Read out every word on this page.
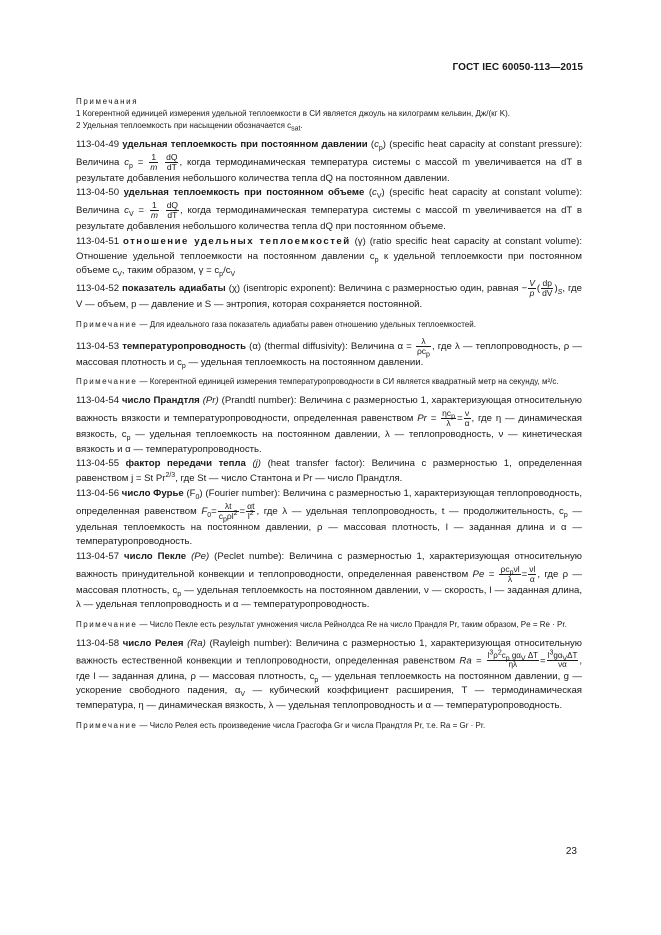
ГОСТ IEC 60050-113—2015

Примечания

1 Когерентной единицей измерения удельной теплоемкости в СИ является джоуль на килограмм кельвин, Дж/(кг K).

2 Удельная теплоемкость при насыщении обозначается $c_{sat}$.

113-04-49 удельная теплоемкость при постоянном давлении $(c_p)$ (specific heat capacity at constant pressure): Величина $c_p = \frac{1}{m}$
$\frac{dQ}{dT}$ , когда термодинамическая температура системы с массой m увеличивается на dT в результате добавления небольшого количества тепла dQ на постоянном давлении.

113-04-50 удельная теплоемкость при постоянном объеме $(c_V)$ (specific heat capacity at constant volume): Величина $c_V = \frac{1}{m}$
$\frac{dQ}{dT}$ , когда термодинамическая температура системы с массой m увеличивается на dT в результате добавления небольшого количества тепла dQ при постоянном объеме.

113-04-51 отношение удельных теплоемкостей (γ) (ratio specific heat capacity at constant volume): Отношение удельной теплоемкости на постоянном давлении $c_p$ к удельной теплоемкости при постоянном объеме $c_V$, таким образом, $\gamma = c_p/c_V$

113-04-52 показатель адиабаты (χ) (isentropic exponent): Величина с размерностью один, равная − $\frac{V}{p}$ ( $\frac{dp}{dV} )_S$, где V — объем, p — давление и S — энтропия, которая сохраняется постоянной.

Примечание — Для идеального газа показатель адиабаты равен отношению удельных теплоемкостей.

113-04-53 температуропроводность (α) (thermal diffusivity): Величина α =
λ
$\rho c_p$
, где λ — теплопроводность, ρ — массовая плотность и $c_p$ — удельная теплоемкость на постоянном давлении.

Примечание — Когерентной единицей измерения температуропроводности в СИ является квадратный метр на секунду, м²/с.

113-04-54 число Прандтля (Pr) (Prandtl number): Величина с размерностью 1, характеризующая относительную важность вязкости и температуропроводности, определенная равенством Pr =
$\eta c_p$
$\lambda = \frac{\nu}{\alpha}$ , где η — динамическая вязкость, $c_p$ — удельная теплоемкость на постоянном давлении, λ — теплопроводность, ν — кинетическая вязкость и α — температуропроводность.

113-04-55 фактор передачи тепла (j) (heat transfer factor): Величина с размерностью 1, определенная равенством j = St $Pr^{2/3}$, где St — число Стантона и Pr — число Прандтля.

113-04-56 число Фурье $(F_0)$ (Fourier number): Величина с размерностью 1, характеризующая теплопроводность, определенная равенством $F_0=$
λt
$c_p\rho l^2 = \frac{\alpha t}{l^2}$ , где λ — удельная теплопроводность, t — продолжительность, $c_p$ — удельная теплоемкость на постоянном давлении, ρ — массовая плотность, l — заданная длина и α — температуропроводность.

113-04-57 число Пекле (Pe) (Peclet numbe): Величина с размерностью 1, характеризующая относительную важность принудительной конвекции и теплопроводности, определенная равенством Pe =
$\rho c_p\nu l$
$\lambda = \frac{\nu l}{\alpha}$ , где ρ — массовая плотность, $c_p$ — удельная теплоемкость на постоянном давлении, ν — скорость, l — заданная длина, λ — удельная теплопроводность и α — температуропроводность.

Примечание — Число Пекле есть результат умножения числа Рейнолдса Re на число Прандля Pr, таким образом, Pe = Re · Pr.

113-04-58 число Релея (Ra) (Rayleigh number): Величина с размерностью 1, характеризующая относительную важность естественной конвекции и теплопроводности, определенная равенством Ra =
$l^3\rho^2c_p$ $g\alpha_V$ ΔT
ηλ	=
$l^3g\alpha_V\Delta T$
να	, где l — заданная длина, ρ — массовая плотность, $c_p$ — удельная теплоемкость на постоянном давлении, g — ускорение свободного падения, $\alpha_V$ — кубический коэффициент расширения, T — термодинамическая температура, η — динамическая вязкость, λ — удельная теплопроводность и α — температуропроводность.

Примечание — Число Релея есть произведение числа Грасгофа Gr и числа Прандтля Pr, т.е. Ra = Gr · Pr.

23
